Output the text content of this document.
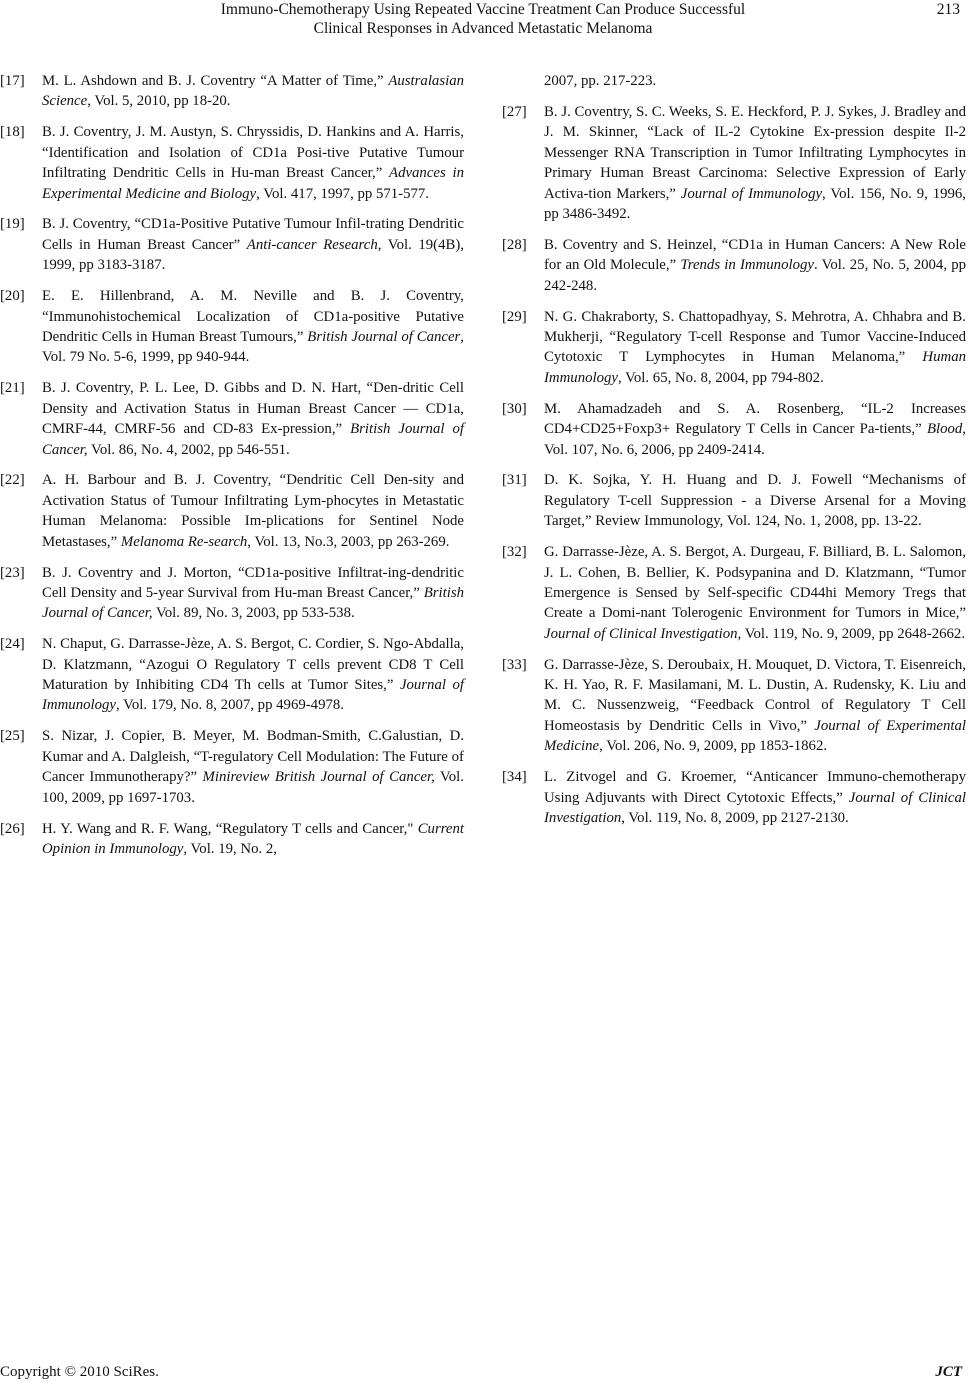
Immuno-Chemotherapy Using Repeated Vaccine Treatment Can Produce Successful
Clinical Responses in Advanced Metastatic Melanoma
213
[17] M. L. Ashdown and B. J. Coventry “A Matter of Time,” Australasian Science, Vol. 5, 2010, pp 18-20.
[18] B. J. Coventry, J. M. Austyn, S. Chryssidis, D. Hankins and A. Harris, “Identification and Isolation of CD1a Posi-tive Putative Tumour Infiltrating Dendritic Cells in Hu-man Breast Cancer,” Advances in Experimental Medicine and Biology, Vol. 417, 1997, pp 571-577.
[19] B. J. Coventry, “CD1a-Positive Putative Tumour Infil-trating Dendritic Cells in Human Breast Cancer” Anti-cancer Research, Vol. 19(4B), 1999, pp 3183-3187.
[20] E. E. Hillenbrand, A. M. Neville and B. J. Coventry, “Immunohistochemical Localization of CD1a-positive Putative Dendritic Cells in Human Breast Tumours,” British Journal of Cancer, Vol. 79 No. 5-6, 1999, pp 940-944.
[21] B. J. Coventry, P. L. Lee, D. Gibbs and D. N. Hart, “Den-dritic Cell Density and Activation Status in Human Breast Cancer — CD1a, CMRF-44, CMRF-56 and CD-83 Ex-pression,” British Journal of Cancer, Vol. 86, No. 4, 2002, pp 546-551.
[22] A. H. Barbour and B. J. Coventry, “Dendritic Cell Den-sity and Activation Status of Tumour Infiltrating Lym-phocytes in Metastatic Human Melanoma: Possible Im-plications for Sentinel Node Metastases,” Melanoma Re-search, Vol. 13, No.3, 2003, pp 263-269.
[23] B. J. Coventry and J. Morton, “CD1a-positive Infiltrat-ing-dendritic Cell Density and 5-year Survival from Hu-man Breast Cancer,” British Journal of Cancer, Vol. 89, No. 3, 2003, pp 533-538.
[24] N. Chaput, G. Darrasse-Jèze, A. S. Bergot, C. Cordier, S. Ngo-Abdalla, D. Klatzmann, “Azogui O Regulatory T cells prevent CD8 T Cell Maturation by Inhibiting CD4 Th cells at Tumor Sites,” Journal of Immunology, Vol. 179, No. 8, 2007, pp 4969-4978.
[25] S. Nizar, J. Copier, B. Meyer, M. Bodman-Smith, C.Galustian, D. Kumar and A. Dalgleish, “T-regulatory Cell Modulation: The Future of Cancer Immunotherapy?” Minireview British Journal of Cancer, Vol. 100, 2009, pp 1697-1703.
[26] H. Y. Wang and R. F. Wang, “Regulatory T cells and Cancer," Current Opinion in Immunology, Vol. 19, No. 2,
2007, pp. 217-223.
[27] B. J. Coventry, S. C. Weeks, S. E. Heckford, P. J. Sykes, J. Bradley and J. M. Skinner, “Lack of IL-2 Cytokine Ex-pression despite Il-2 Messenger RNA Transcription in Tumor Infiltrating Lymphocytes in Primary Human Breast Carcinoma: Selective Expression of Early Activa-tion Markers,” Journal of Immunology, Vol. 156, No. 9, 1996, pp 3486-3492.
[28] B. Coventry and S. Heinzel, “CD1a in Human Cancers: A New Role for an Old Molecule,” Trends in Immunology. Vol. 25, No. 5, 2004, pp 242-248.
[29] N. G. Chakraborty, S. Chattopadhyay, S. Mehrotra, A. Chhabra and B. Mukherji, “Regulatory T-cell Response and Tumor Vaccine-Induced Cytotoxic T Lymphocytes in Human Melanoma,” Human Immunology, Vol. 65, No. 8, 2004, pp 794-802.
[30] M. Ahamadzadeh and S. A. Rosenberg, “IL-2 Increases CD4+CD25+Foxp3+ Regulatory T Cells in Cancer Pa-tients,” Blood, Vol. 107, No. 6, 2006, pp 2409-2414.
[31] D. K. Sojka, Y. H. Huang and D. J. Fowell “Mechanisms of Regulatory T-cell Suppression - a Diverse Arsenal for a Moving Target,” Review Immunology, Vol. 124, No. 1, 2008, pp. 13-22.
[32] G. Darrasse-Jèze, A. S. Bergot, A. Durgeau, F. Billiard, B. L. Salomon, J. L. Cohen, B. Bellier, K. Podsypanina and D. Klatzmann, “Tumor Emergence is Sensed by Self-specific CD44hi Memory Tregs that Create a Domi-nant Tolerogenic Environment for Tumors in Mice,” Journal of Clinical Investigation, Vol. 119, No. 9, 2009, pp 2648-2662.
[33] G. Darrasse-Jèze, S. Deroubaix, H. Mouquet, D. Victora, T. Eisenreich, K. H. Yao, R. F. Masilamani, M. L. Dustin, A. Rudensky, K. Liu and M. C. Nussenzweig, “Feedback Control of Regulatory T Cell Homeostasis by Dendritic Cells in Vivo,” Journal of Experimental Medicine, Vol. 206, No. 9, 2009, pp 1853-1862.
[34] L. Zitvogel and G. Kroemer, “Anticancer Immuno-chemotherapy Using Adjuvants with Direct Cytotoxic Effects,” Journal of Clinical Investigation, Vol. 119, No. 8, 2009, pp 2127-2130.
Copyright © 2010 SciRes.	JCT
